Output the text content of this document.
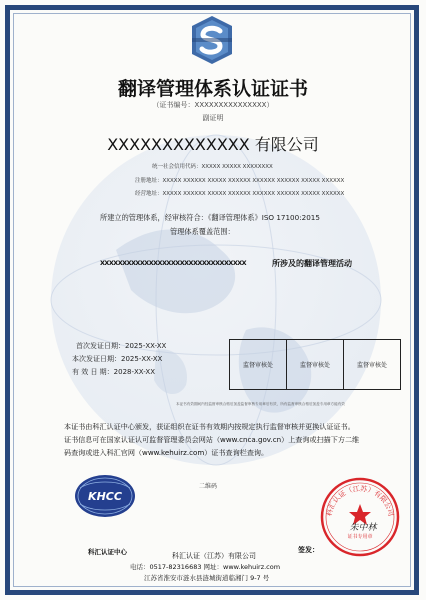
翻译管理体系认证证书
（证书编号：XXXXXXXXXXXXXXX）
副证明
XXXXXXXXXXXXX 有限公司
统一社会信用代码：XXXXX XXXXX XXXXXXXX
注册地址：XXXXX XXXXXX XXXXX XXXXXX XXXXXX XXXXXX XXXXX XXXXXX
经营地址：XXXXX XXXXXX XXXXX XXXXXX XXXXXX XXXXXX XXXXX XXXXXX
所建立的管理体系，经审核符合：《翻译管理体系》ISO 17100:2015
管理体系覆盖范围：
XXXXXXXXXXXXXXXXXXXXXXXXXXXXXXXXX	所涉及的翻译管理活动
首次发证日期：2025-XX-XX
本次发证日期：2025-XX-XX
有 效 日 期：2028-XX-XX
监督审核处	监督审核处	监督审核处
本证书有效期间内经监督审核合格后加盖监督审核专用章后有效，所有监督审核合格后加盖专用章方能有效
本证书由科汇认证中心颁发，获证组织在证书有效期内按规定执行监督审核并更换认证证书。
证书信息可在国家认证认可监督管理委员会网站（www.cnca.gov.cn）上查询或扫描下方二维
码查询或进入科汇官网（www.kehuirz.com）证书查询栏查询。
二维码
KHCC
科汇认证中心
科汇认证（江苏）有限公司
证书专用章
朱中林
科汇认证（江苏）有限公司
签发：
电话：0517-82316683 网址：www.kehuirz.com
江苏省淮安市涟水县涟城街道临湘门 9-7 号
